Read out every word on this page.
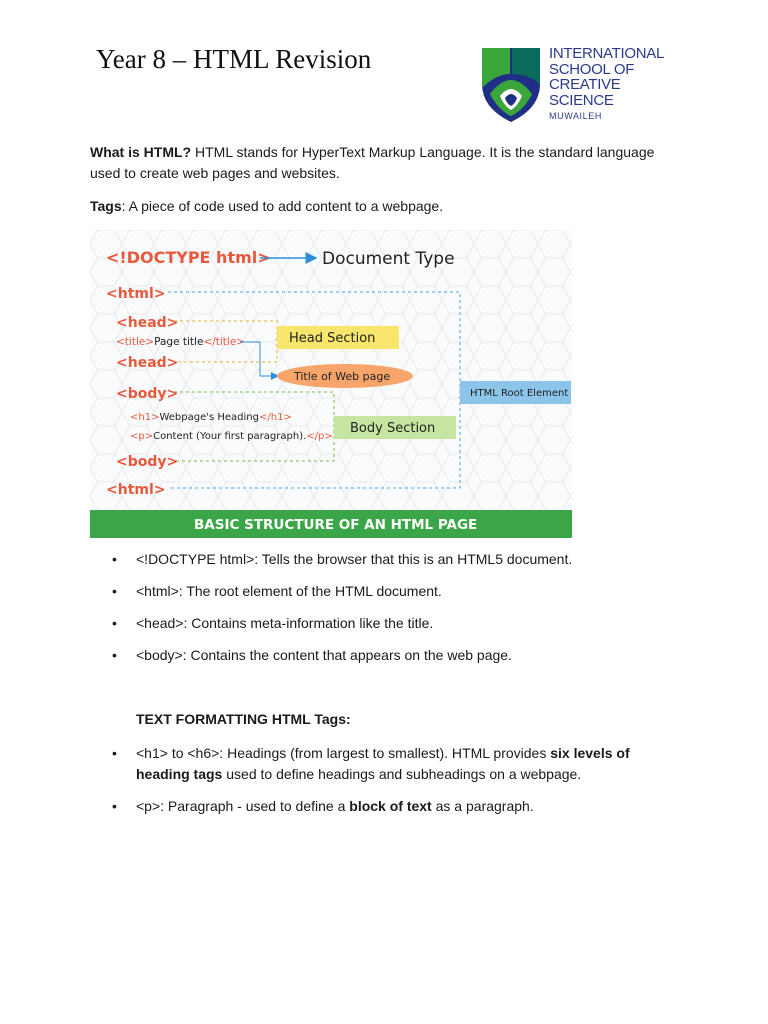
Year 8 – HTML Revision	INTERNATIONAL
SCHOOL OF
CREATIVE
SCIENCE
MUWAILEH
What is HTML? HTML stands for HyperText Markup Language. It is the standard language used to create web pages and websites.
Tags: A piece of code used to add content to a webpage.
<!DOCTYPE html>	Document Type
<html>
<head>
Head Section
<title>Page title</title>
Title of Web page
<head>
HTML Root Element
<body>
<h1>Webpage's Heading</h1>
<p>Content (Your first paragraph).</p>
Body Section
<body>
<html>
BASIC STRUCTURE OF AN HTML PAGE
• <!DOCTYPE html>: Tells the browser that this is an HTML5 document.
• <html>: The root element of the HTML document.
• <head>: Contains meta-information like the title.
• <body>: Contains the content that appears on the web page.
TEXT FORMATTING HTML Tags:
• <h1> to <h6>: Headings (from largest to smallest). HTML provides six levels of heading tags used to define headings and subheadings on a webpage.
• <p>: Paragraph - used to define a block of text as a paragraph.
